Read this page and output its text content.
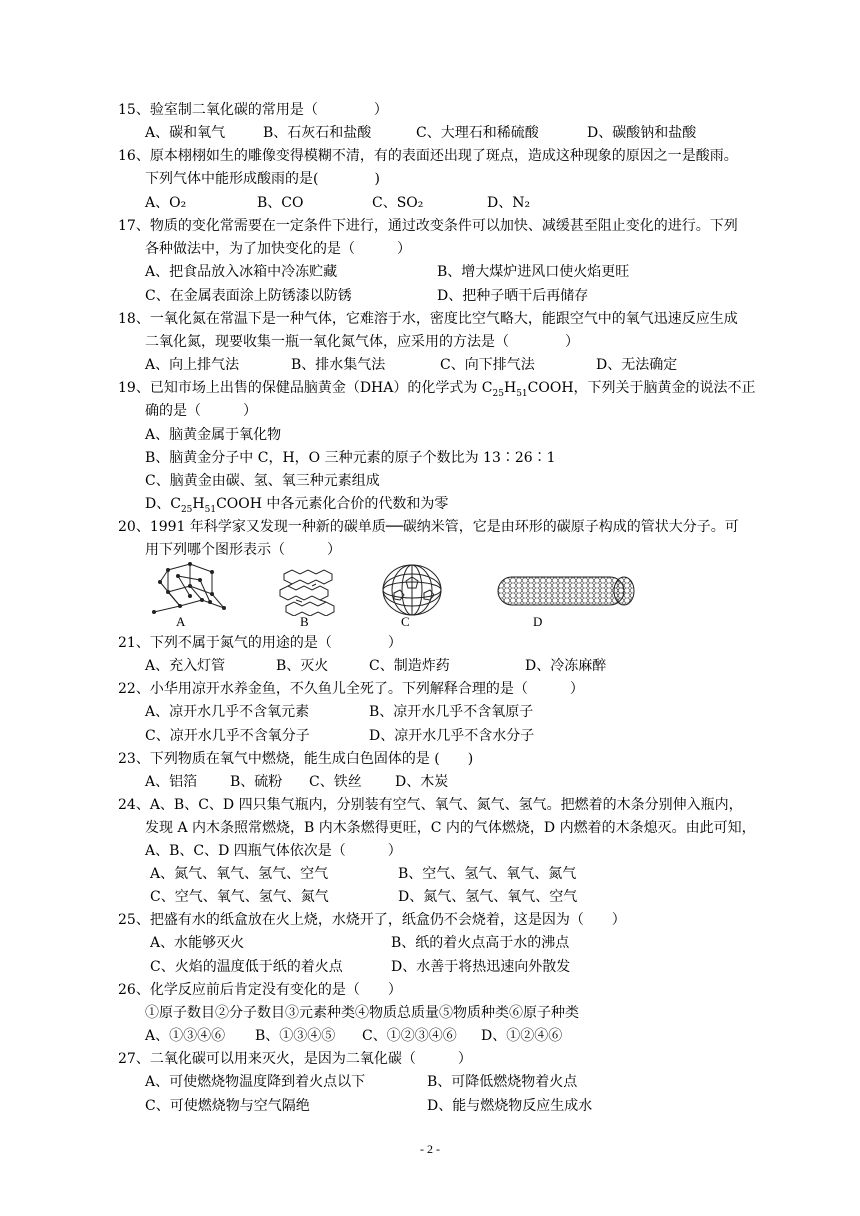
15、验室制二氧化碳的常用是（　　　　）
A、碳和氧气	B、石灰石和盐酸	C、大理石和稀硫酸	D、碳酸钠和盐酸
16、原本栩栩如生的雕像变得模糊不清，有的表面还出现了斑点，造成这种现象的原因之一是酸雨。
下列气体中能形成酸雨的是(　　　　)
A、O₂	B、CO	C、SO₂	D、N₂
17、物质的变化常需要在一定条件下进行，通过改变条件可以加快、减缓甚至阻止变化的进行。下列
各种做法中，为了加快变化的是（　　　）
A、把食品放入冰箱中冷冻贮藏	B、增大煤炉进风口使火焰更旺
C、在金属表面涂上防锈漆以防锈	D、把种子晒干后再储存
18、一氧化氮在常温下是一种气体，它难溶于水，密度比空气略大，能跟空气中的氧气迅速反应生成
二氧化氮，现要收集一瓶一氧化氮气体，应采用的方法是（　　　　）
A、向上排气法	B、排水集气法	C、向下排气法	D、无法确定
19、已知市场上出售的保健品脑黄金（DHA）的化学式为 $C_{25}H_{51}COOH$，下列关于脑黄金的说法不正
确的是（　　　）
A、脑黄金属于氧化物
B、脑黄金分子中 C，H，O 三种元素的原子个数比为 13∶26∶1
C、脑黄金由碳、氢、氧三种元素组成
D、$C_{25}H_{51}COOH$ 中各元素化合价的代数和为零
20、1991 年科学家又发现一种新的碳单质──碳纳米管，它是由环形的碳原子构成的管状大分子。可
用下列哪个图形表示（　　　）
A	B	C	D
21、下列不属于氮气的用途的是（　　　　）
A、充入灯管	B、灭火	C、制造炸药	D、冷冻麻醉
22、小华用凉开水养金鱼，不久鱼儿全死了。下列解释合理的是（　　　）
A、凉开水几乎不含氧元素	B、凉开水几乎不含氧原子
C、凉开水几乎不含氧分子	D、凉开水几乎不含水分子
23、下列物质在氧气中燃烧，能生成白色固体的是 (　　)
A、铝箔 B、硫粉 C、铁丝 D、木炭
24、A、B、C、D 四只集气瓶内，分别装有空气、氧气、氮气、氢气。把燃着的木条分别伸入瓶内，
发现 A 内木条照常燃烧，B 内木条燃得更旺，C 内的气体燃烧，D 内燃着的木条熄灭。由此可知，
A、B、C、D 四瓶气体依次是（　　　）
A、氮气、氧气、氢气、空气	B、空气、氢气、氧气、氮气
C、空气、氧气、氢气、氮气	D、氮气、氢气、氧气、空气
25、把盛有水的纸盒放在火上烧，水烧开了，纸盒仍不会烧着，这是因为（　　）
A、水能够灭火	B、纸的着火点高于水的沸点
C、火焰的温度低于纸的着火点	D、水善于将热迅速向外散发
26、化学反应前后肯定没有变化的是（　　）
①原子数目②分子数目③元素种类④物质总质量⑤物质种类⑥原子种类
A、①③④⑥ B、①③④⑤ C、①②③④⑥ D、①②④⑥
27、二氧化碳可以用来灭火，是因为二氧化碳（　　　）
A、可使燃烧物温度降到着火点以下	B、可降低燃烧物着火点
C、可使燃烧物与空气隔绝	D、能与燃烧物反应生成水
- 2 -
